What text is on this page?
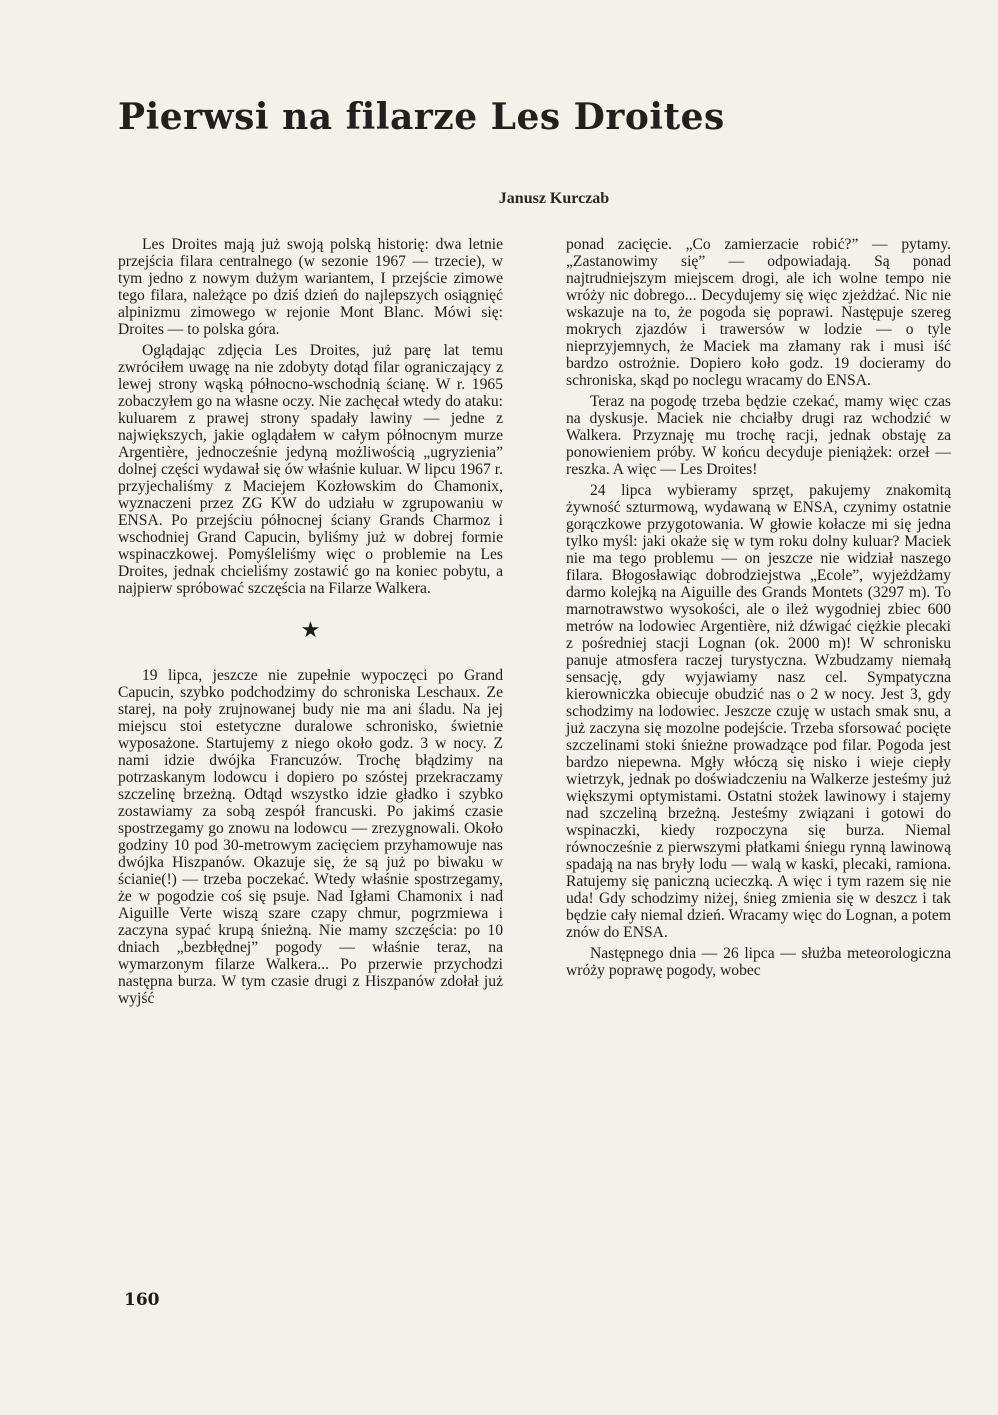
Pierwsi na filarze Les Droites
Janusz Kurczab

Les Droites mają już swoją polską historię: dwa letnie przejścia filara centralnego (w sezonie 1967 — trzecie), w tym jedno z nowym dużym wariantem, I przejście zimowe tego filara, należące po dziś dzień do najlepszych osiągnięć alpinizmu zimowego w rejonie Mont Blanc. Mówi się: Droites — to polska góra.

Oglądając zdjęcia Les Droites, już parę lat temu zwróciłem uwagę na nie zdobyty dotąd filar ograniczający z lewej strony wąską północno-wschodnią ścianę. W r. 1965 zobaczyłem go na własne oczy. Nie zachęcał wtedy do ataku: kuluarem z prawej strony spadały lawiny — jedne z największych, jakie oglądałem w całym północnym murze Argentière, jednocześnie jedyną możliwością „ugryzienia” dolnej części wydawał się ów właśnie kuluar. W lipcu 1967 r. przyjechaliśmy z Maciejem Kozłowskim do Chamonix, wyznaczeni przez ZG KW do udziału w zgrupowaniu w ENSA. Po przejściu północnej ściany Grands Charmoz i wschodniej Grand Capucin, byliśmy już w dobrej formie wspinaczkowej. Pomyśleliśmy więc o problemie na Les Droites, jednak chcieliśmy zostawić go na koniec pobytu, a najpierw spróbować szczęścia na Filarze Walkera.

★

19 lipca, jeszcze nie zupełnie wypoczęci po Grand Capucin, szybko podchodzimy do schroniska Leschaux. Ze starej, na poły zrujnowanej budy nie ma ani śladu. Na jej miejscu stoi estetyczne duralowe schronisko, świetnie wyposażone. Startujemy z niego około godz. 3 w nocy. Z nami idzie dwójka Francuzów. Trochę błądzimy na potrzaskanym lodowcu i dopiero po szóstej przekraczamy szczelinę brzeżną. Odtąd wszystko idzie gładko i szybko zostawiamy za sobą zespół francuski. Po jakimś czasie spostrzegamy go znowu na lodowcu — zrezygnowali. Około godziny 10 pod 30-metrowym zacięciem przyhamowuje nas dwójka Hiszpanów. Okazuje się, że są już po biwaku w ścianie(!) — trzeba poczekać. Wtedy właśnie spostrzegamy, że w pogodzie coś się psuje. Nad Igłami Chamonix i nad Aiguille Verte wiszą szare czapy chmur, pogrzmiewa i zaczyna sypać krupą śnieżną. Nie mamy szczęścia: po 10 dniach „bezbłędnej” pogody — właśnie teraz, na wymarzonym filarze Walkera... Po przerwie przychodzi następna burza. W tym czasie drugi z Hiszpanów zdołał już wyjść

ponad zacięcie. „Co zamierzacie robić?” — pytamy. „Zastanowimy się” — odpowiadają. Są ponad najtrudniejszym miejscem drogi, ale ich wolne tempo nie wróży nic dobrego... Decydujemy się więc zjeżdżać. Nic nie wskazuje na to, że pogoda się poprawi. Następuje szereg mokrych zjazdów i trawersów w lodzie — o tyle nieprzyjemnych, że Maciek ma złamany rak i musi iść bardzo ostrożnie. Dopiero koło godz. 19 docieramy do schroniska, skąd po noclegu wracamy do ENSA.

Teraz na pogodę trzeba będzie czekać, mamy więc czas na dyskusje. Maciek nie chciałby drugi raz wchodzić w Walkera. Przyznaję mu trochę racji, jednak obstaję za ponowieniem próby. W końcu decyduje pieniążek: orzeł — reszka. A więc — Les Droites!

24 lipca wybieramy sprzęt, pakujemy znakomitą żywność szturmową, wydawaną w ENSA, czynimy ostatnie gorączkowe przygotowania. W głowie kołacze mi się jedna tylko myśl: jaki okaże się w tym roku dolny kuluar? Maciek nie ma tego problemu — on jeszcze nie widział naszego filara. Błogosławiąc dobrodziejstwa „Ecole”, wyjeżdżamy darmo kolejką na Aiguille des Grands Montets (3297 m). To marnotrawstwo wysokości, ale o ileż wygodniej zbiec 600 metrów na lodowiec Argentière, niż dźwigać ciężkie plecaki z pośredniej stacji Lognan (ok. 2000 m)! W schronisku panuje atmosfera raczej turystyczna. Wzbudzamy niemałą sensację, gdy wyjawiamy nasz cel. Sympatyczna kierowniczka obiecuje obudzić nas o 2 w nocy. Jest 3, gdy schodzimy na lodowiec. Jeszcze czuję w ustach smak snu, a już zaczyna się mozolne podejście. Trzeba sforsować pocięte szczelinami stoki śnieżne prowadzące pod filar. Pogoda jest bardzo niepewna. Mgły włóczą się nisko i wieje ciepły wietrzyk, jednak po doświadczeniu na Walkerze jesteśmy już większymi optymistami. Ostatni stożek lawinowy i stajemy nad szczeliną brzeżną. Jesteśmy związani i gotowi do wspinaczki, kiedy rozpoczyna się burza. Niemal równocześnie z pierwszymi płatkami śniegu rynną lawinową spadają na nas bryły lodu — walą w kaski, plecaki, ramiona. Ratujemy się paniczną ucieczką. A więc i tym razem się nie uda! Gdy schodzimy niżej, śnieg zmienia się w deszcz i tak będzie cały niemal dzień. Wracamy więc do Lognan, a potem znów do ENSA.

Następnego dnia — 26 lipca — służba meteorologiczna wróży poprawę pogody, wobec

160
